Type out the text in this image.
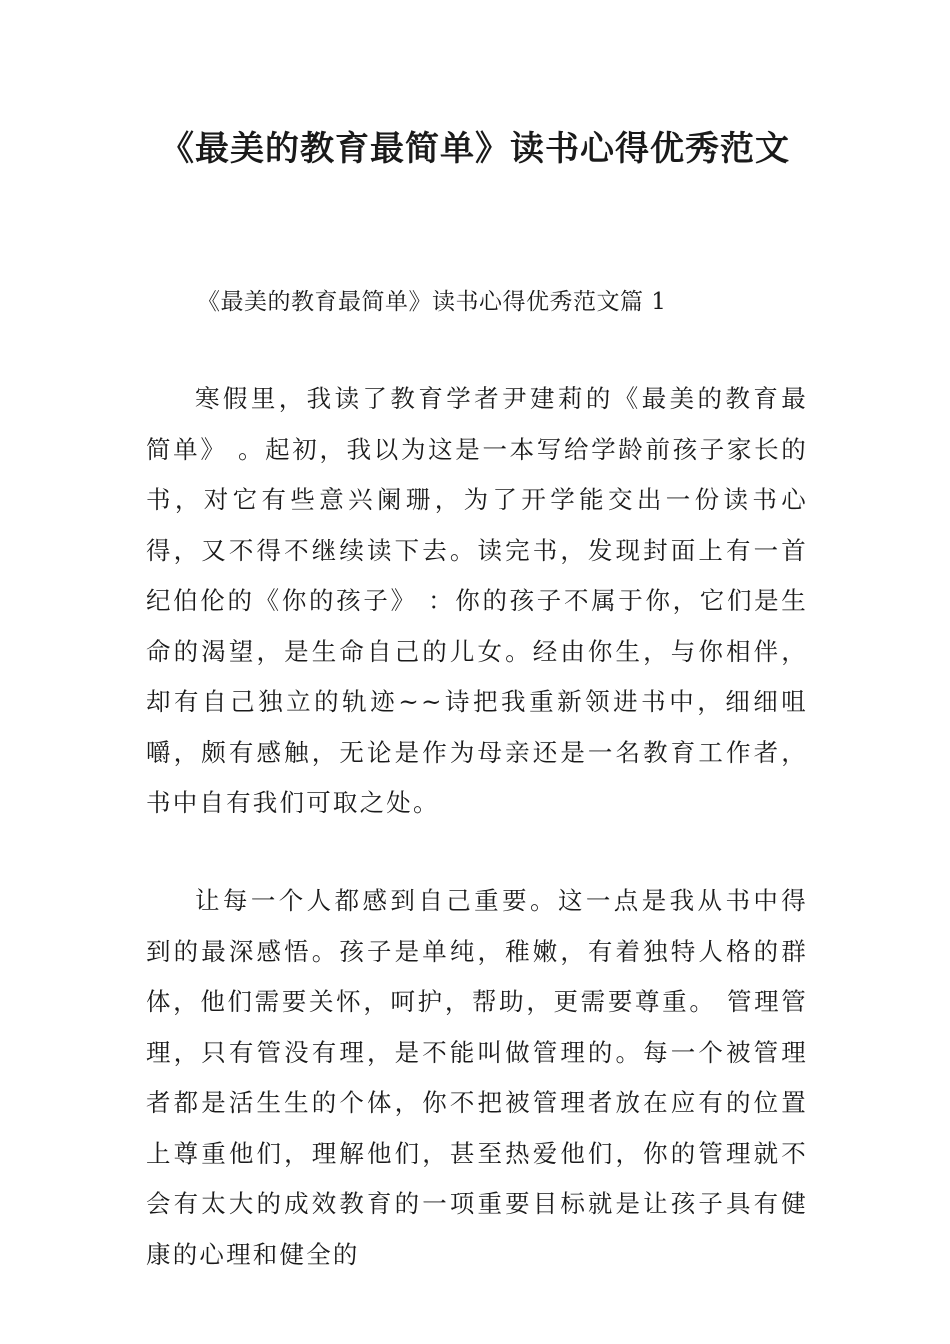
《最美的教育最简单》读书心得优秀范文

《最美的教育最简单》读书心得优秀范文篇 1

寒假里，我读了教育学者尹建莉的《最美的教育最简单》 。起初，我以为这是一本写给学龄前孩子家长的书，对它有些意兴阑珊，为了开学能交出一份读书心得，又不得不继续读下去。读完书，发现封面上有一首纪伯伦的《你的孩子》 ：你的孩子不属于你，它们是生命的渴望，是生命自己的儿女。经由你生，与你相伴，却有自己独立的轨迹~~诗把我重新领进书中，细细咀嚼，颇有感触，无论是作为母亲还是一名教育工作者，书中自有我们可取之处。

让每一个人都感到自己重要。这一点是我从书中得到的最深感悟。孩子是单纯，稚嫩，有着独特人格的群体，他们需要关怀，呵护，帮助，更需要尊重。 管理管理，只有管没有理，是不能叫做管理的。每一个被管理者都是活生生的个体，你不把被管理者放在应有的位置上尊重他们，理解他们，甚至热爱他们，你的管理就不会有太大的成效教育的一项重要目标就是让孩子具有健康的心理和健全的
